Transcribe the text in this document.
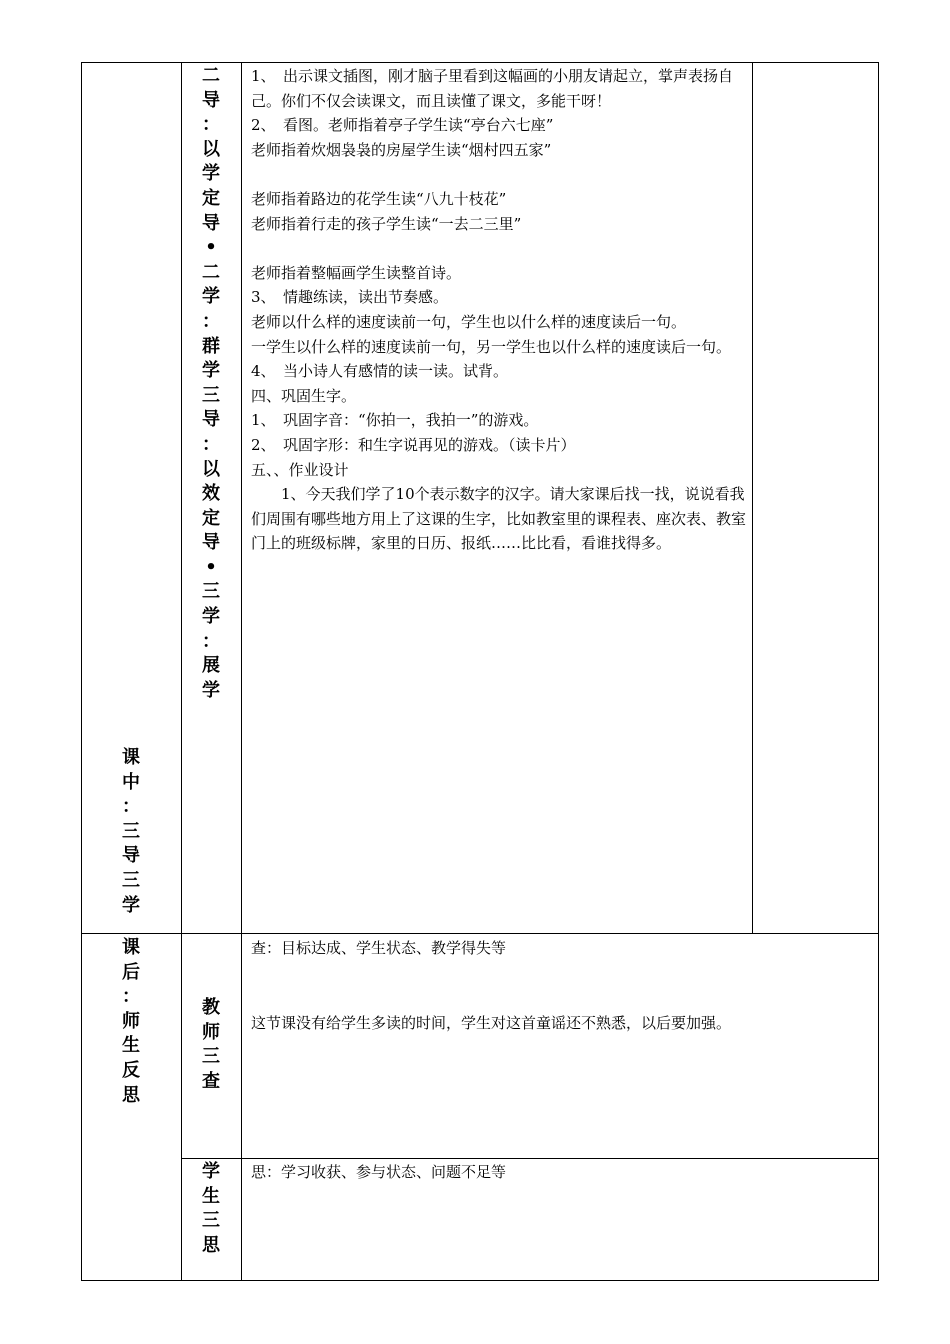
课
中
：
三
导
三
学
课
后
：
师
生
反
思
二
导
：
以
学
定
导
•
二
学
：
群
学
三
导
：
以
效
定
导
•
三
学
：
展
学
教
师
三
查
学
生
三
思

1、　出示课文插图，刚才脑子里看到这幅画的小朋友请起立，掌声表扬自己。你们不仅会读课文，而且读懂了课文，多能干呀！

2、　看图。老师指着亭子学生读“亭台六七座”

老师指着炊烟袅袅的房屋学生读“烟村四五家”

老师指着路边的花学生读“八九十枝花”

老师指着行走的孩子学生读“一去二三里”

老师指着整幅画学生读整首诗。

3、　情趣练读，读出节奏感。

老师以什么样的速度读前一句，学生也以什么样的速度读后一句。

一学生以什么样的速度读前一句，另一学生也以什么样的速度读后一句。

4、　当小诗人有感情的读一读。试背。

四、巩固生字。

1、　巩固字音：“你拍一，我拍一”的游戏。

2、　巩固字形：和生字说再见的游戏。（读卡片）

五、、作业设计

1、今天我们学了10个表示数字的汉字。请大家课后找一找，说说看我们周围有哪些地方用上了这课的生字，比如教室里的课程表、座次表、教室门上的班级标牌，家里的日历、报纸……比比看，看谁找得多。

查：目标达成、学生状态、教学得失等
这节课没有给学生多读的时间，学生对这首童谣还不熟悉，以后要加强。
思：学习收获、参与状态、问题不足等
